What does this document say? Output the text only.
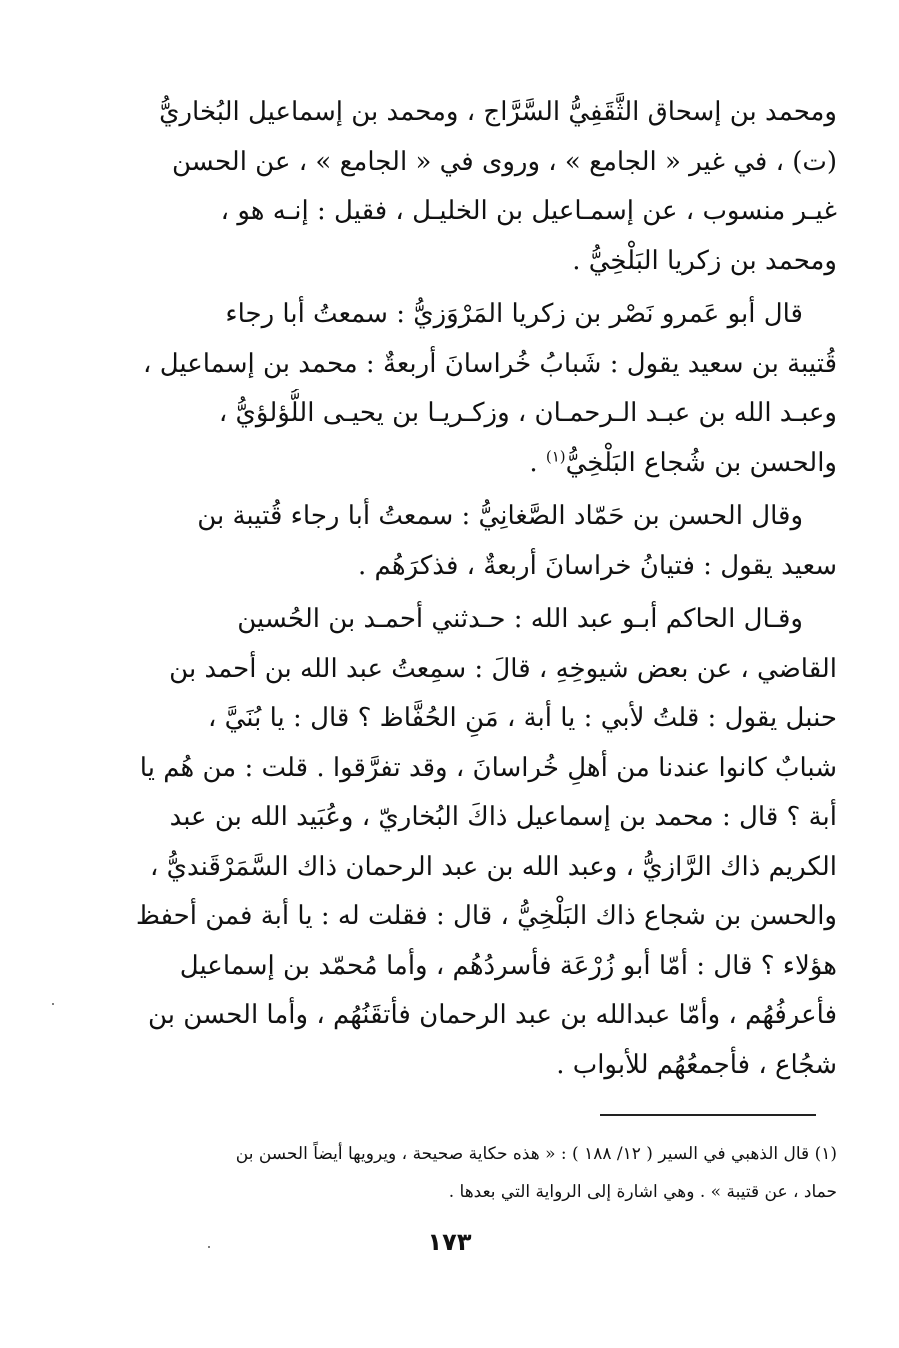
ومحمد بن إسحاق الثَّقَفِيُّ السَّرَّاج ، ومحمد بن إسماعيل البُخاريُّ
(ت) ، في غير « الجامع » ، وروى في « الجامع » ، عن الحسن
غيـر منسوب ، عن إسمـاعيل بن الخليـل ، فقيل : إنـه هو ،
ومحمد بن زكريا البَلْخِيُّ .

قال أبو عَمرو نَصْر بن زكريا المَرْوَزيُّ : سمعتُ أبا رجاء
قُتيبة بن سعيد يقول : شَبابُ خُراسانَ أربعةٌ : محمد بن إسماعيل ،
وعبـد الله بن عبـد الـرحمـان ، وزكـريـا بن يحيـى اللُّؤلؤيُّ ،
والحسن بن شُجاع البَلْخِيُّ$^{(١)}$ .

وقال الحسن بن حَمّاد الصَّغانِيُّ : سمعتُ أبا رجاء قُتيبة بن
سعيد يقول : فتيانُ خراسانَ أربعةٌ ، فذكرَهُم .

وقـال الحاكم أبـو عبد الله : حـدثني أحمـد بن الحُسين
القاضي ، عن بعض شيوخِهِ ، قالَ : سمِعتُ عبد الله بن أحمد بن
حنبل يقول : قلتُ لأبي : يا أبة ، مَنِ الحُفَّاظ ؟ قال : يا بُنَيَّ ،
شبابٌ كانوا عندنا من أهلِ خُراسانَ ، وقد تفرَّقوا . قلت : من هُم يا
أبة ؟ قال : محمد بن إسماعيل ذاكَ البُخاريّ ، وعُبَيد الله بن عبد
الكريم ذاك الرَّازيُّ ، وعبد الله بن عبد الرحمان ذاك السَّمَرْقَنديُّ ،
والحسن بن شجاع ذاك البَلْخِيُّ ، قال : فقلت له : يا أبة فمن أحفظ
هؤلاء ؟ قال : أمّا أبو زُرْعَة فأسردُهُم ، وأما مُحمّد بن إسماعيل
فأعرفُهُم ، وأمّا عبدالله بن عبد الرحمان فأتقَنُهُم ، وأما الحسن بن
شجُاع ، فأجمعُهُم للأبواب .

(١) قال الذهبي في السير ( ١٢/ ١٨٨ ) : « هذه حكاية صحيحة ، ويرويها أيضاً الحسن بن
حماد ، عن قتيبة » . وهي اشارة إلى الرواية التي بعدها .
١٧٣
